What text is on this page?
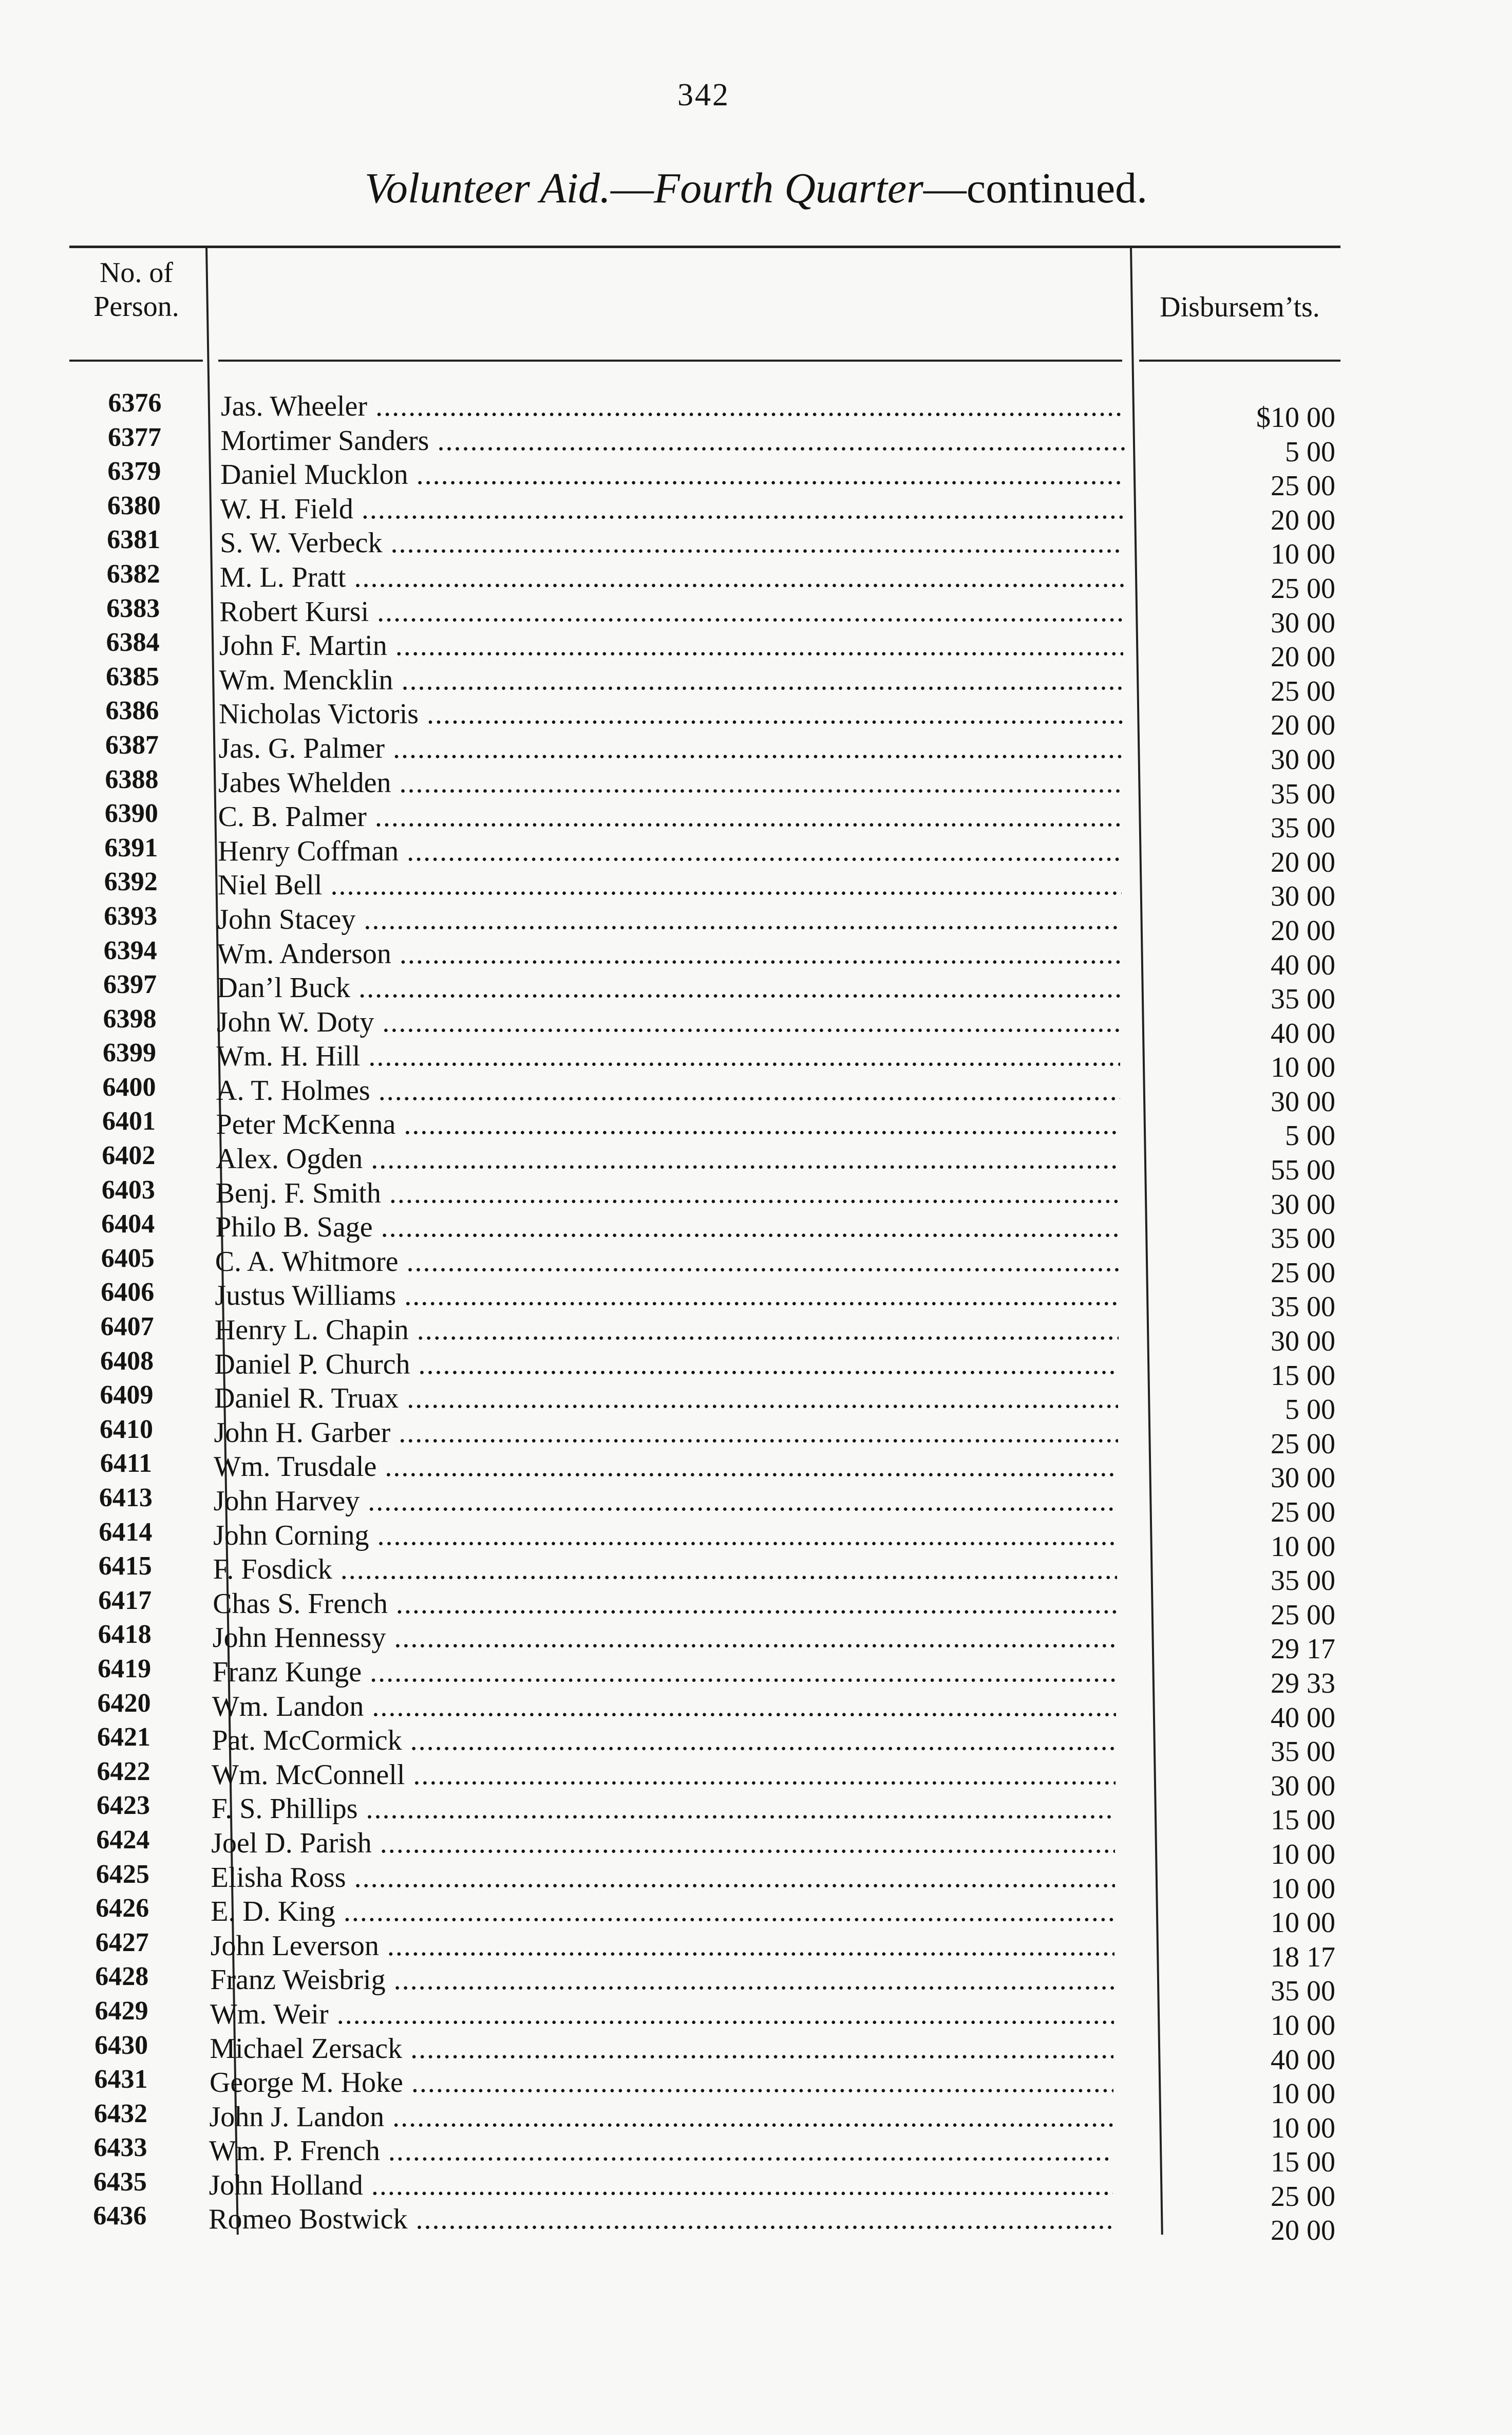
342
Volunteer Aid.—Fourth Quarter—continued.
No. of
Person.	Disbursem’ts.
6376	Jas. Wheeler .....	$10 00
6377	Mortimer Sanders .....	5 00
6379	Daniel Mucklon .....	25 00
6380	W. H. Field .....	20 00
6381	S. W. Verbeck .....	10 00
6382	M. L. Pratt .....	25 00
6383	Robert Kursi .....	30 00
6384	John F. Martin .....	20 00
6385	Wm. Mencklin .....	25 00
6386	Nicholas Victoris .....	20 00
6387	Jas. G. Palmer .....	30 00
6388	Jabes Whelden .....	35 00
6390	C. B. Palmer .....	35 00
6391	Henry Coffman .....	20 00
6392	Niel Bell .....	30 00
6393	John Stacey .....	20 00
6394	Wm. Anderson .....	40 00
6397	Dan’l Buck .....	35 00
6398	John W. Doty .....	40 00
6399	Wm. H. Hill .....	10 00
6400	A. T. Holmes .....	30 00
6401	Peter McKenna .....	5 00
6402	Alex. Ogden .....	55 00
6403	Benj. F. Smith .....	30 00
6404	Philo B. Sage .....	35 00
6405	C. A. Whitmore .....	25 00
6406	Justus Williams .....	35 00
6407	Henry L. Chapin .....	30 00
6408	Daniel P. Church .....	15 00
6409	Daniel R. Truax .....	5 00
6410	John H. Garber .....	25 00
6411	Wm. Trusdale .....	30 00
6413	John Harvey .....	25 00
6414	John Corning .....	10 00
6415	F. Fosdick .....	35 00
6417	Chas S. French .....	25 00
6418	John Hennessy .....	29 17
6419	Franz Kunge .....	29 33
6420	Wm. Landon .....	40 00
6421	Pat. McCormick .....	35 00
6422	Wm. McConnell .....	30 00
6423	F. S. Phillips .....	15 00
6424	Joel D. Parish .....	10 00
6425	Elisha Ross .....	10 00
6426	E. D. King .....	10 00
6427	John Leverson .....	18 17
6428	Franz Weisbrig .....	35 00
6429	Wm. Weir .....	10 00
6430	Michael Zersack .....	40 00
6431	George M. Hoke .....	10 00
6432	John J. Landon .....	10 00
6433	Wm. P. French .....	15 00
6435	John Holland .....	25 00
6436	Romeo Bostwick .....	20 00
